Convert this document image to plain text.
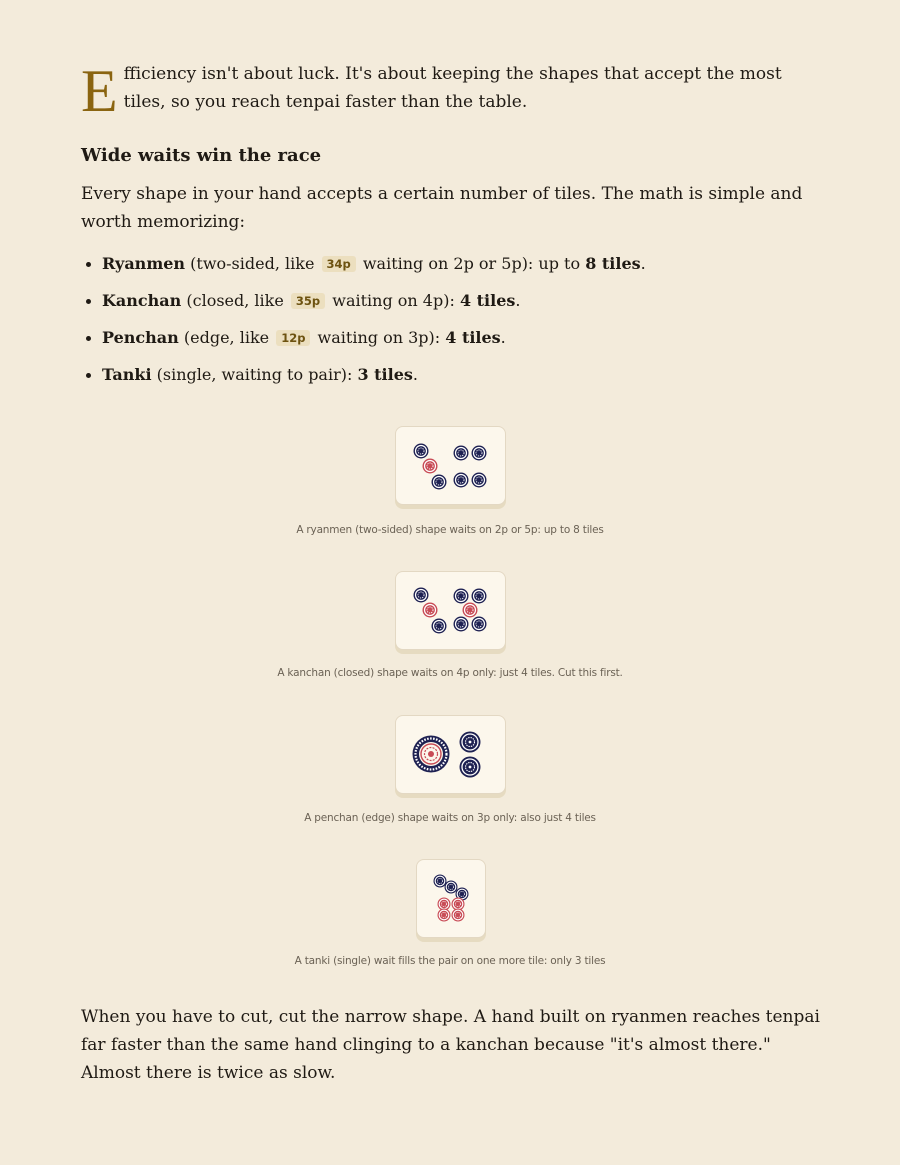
Efficiency isn't about luck. It's about keeping the shapes that accept the most tiles, so you reach tenpai faster than the table.

Wide waits win the race

Every shape in your hand accepts a certain number of tiles. The math is simple and worth memorizing:

Ryanmen (two-sided, like 34p waiting on 2p or 5p): up to 8 tiles.
Kanchan (closed, like 35p waiting on 4p): 4 tiles.
Penchan (edge, like 12p waiting on 3p): 4 tiles.
Tanki (single, waiting to pair): 3 tiles.
A ryanmen (two-sided) shape waits on 2p or 5p: up to 8 tiles
A kanchan (closed) shape waits on 4p only: just 4 tiles. Cut this first.
A penchan (edge) shape waits on 3p only: also just 4 tiles
A tanki (single) wait fills the pair on one more tile: only 3 tiles

When you have to cut, cut the narrow shape. A hand built on ryanmen reaches tenpai far faster than the same hand clinging to a kanchan because "it's almost there." Almost there is twice as slow.
